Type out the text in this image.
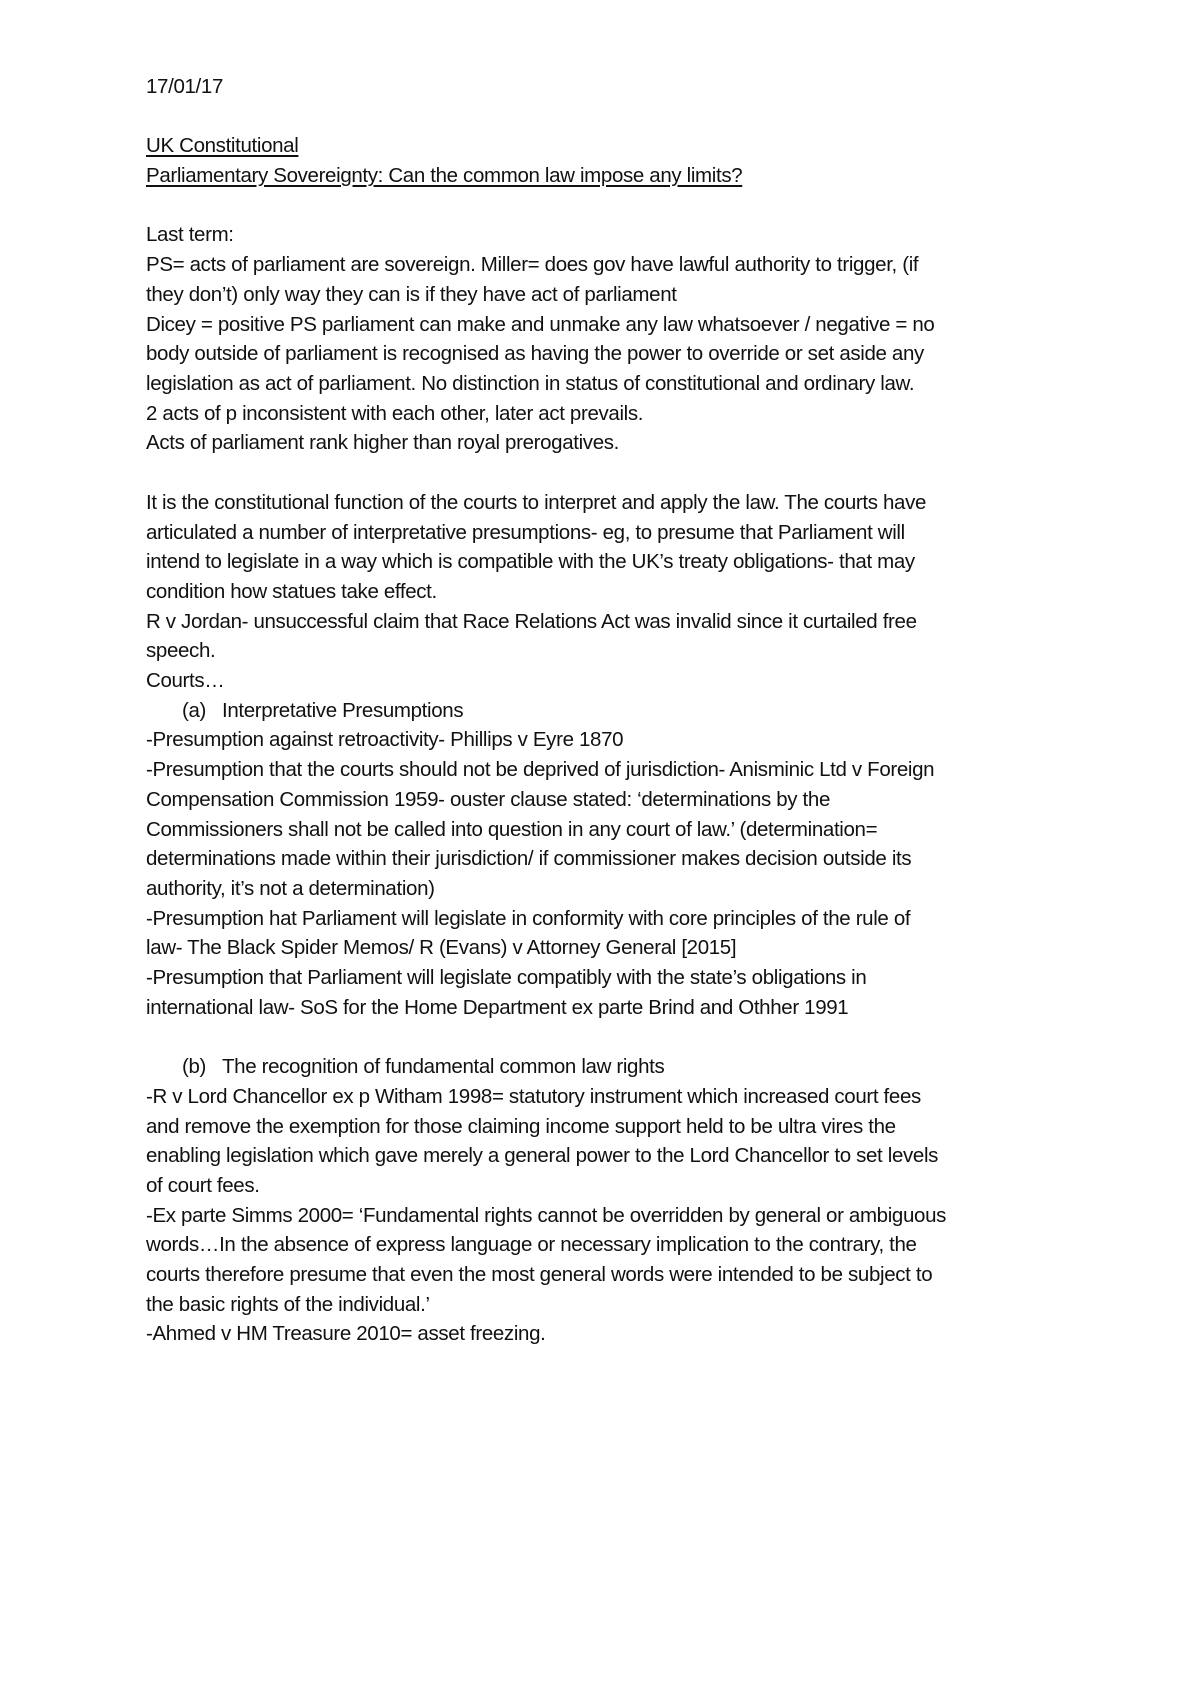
17/01/17
UK Constitutional
Parliamentary Sovereignty: Can the common law impose any limits?
Last term:
PS= acts of parliament are sovereign. Miller= does gov have lawful authority to trigger, (if
they don’t) only way they can is if they have act of parliament
Dicey = positive PS parliament can make and unmake any law whatsoever / negative = no
body outside of parliament is recognised as having the power to override or set aside any
legislation as act of parliament. No distinction in status of constitutional and ordinary law.
2 acts of p inconsistent with each other, later act prevails.
Acts of parliament rank higher than royal prerogatives.
It is the constitutional function of the courts to interpret and apply the law. The courts have
articulated a number of interpretative presumptions- eg, to presume that Parliament will
intend to legislate in a way which is compatible with the UK’s treaty obligations- that may
condition how statues take effect.
R v Jordan- unsuccessful claim that Race Relations Act was invalid since it curtailed free
speech.
Courts…
(a) Interpretative Presumptions
-Presumption against retroactivity- Phillips v Eyre 1870
-Presumption that the courts should not be deprived of jurisdiction- Anisminic Ltd v Foreign
Compensation Commission 1959- ouster clause stated: ‘determinations by the
Commissioners shall not be called into question in any court of law.’ (determination=
determinations made within their jurisdiction/ if commissioner makes decision outside its
authority, it’s not a determination)
-Presumption hat Parliament will legislate in conformity with core principles of the rule of
law- The Black Spider Memos/ R (Evans) v Attorney General [2015]
-Presumption that Parliament will legislate compatibly with the state’s obligations in
international law- SoS for the Home Department ex parte Brind and Othher 1991
(b) The recognition of fundamental common law rights
-R v Lord Chancellor ex p Witham 1998= statutory instrument which increased court fees
and remove the exemption for those claiming income support held to be ultra vires the
enabling legislation which gave merely a general power to the Lord Chancellor to set levels
of court fees.
-Ex parte Simms 2000= ‘Fundamental rights cannot be overridden by general or ambiguous
words…In the absence of express language or necessary implication to the contrary, the
courts therefore presume that even the most general words were intended to be subject to
the basic rights of the individual.’
-Ahmed v HM Treasure 2010= asset freezing.
